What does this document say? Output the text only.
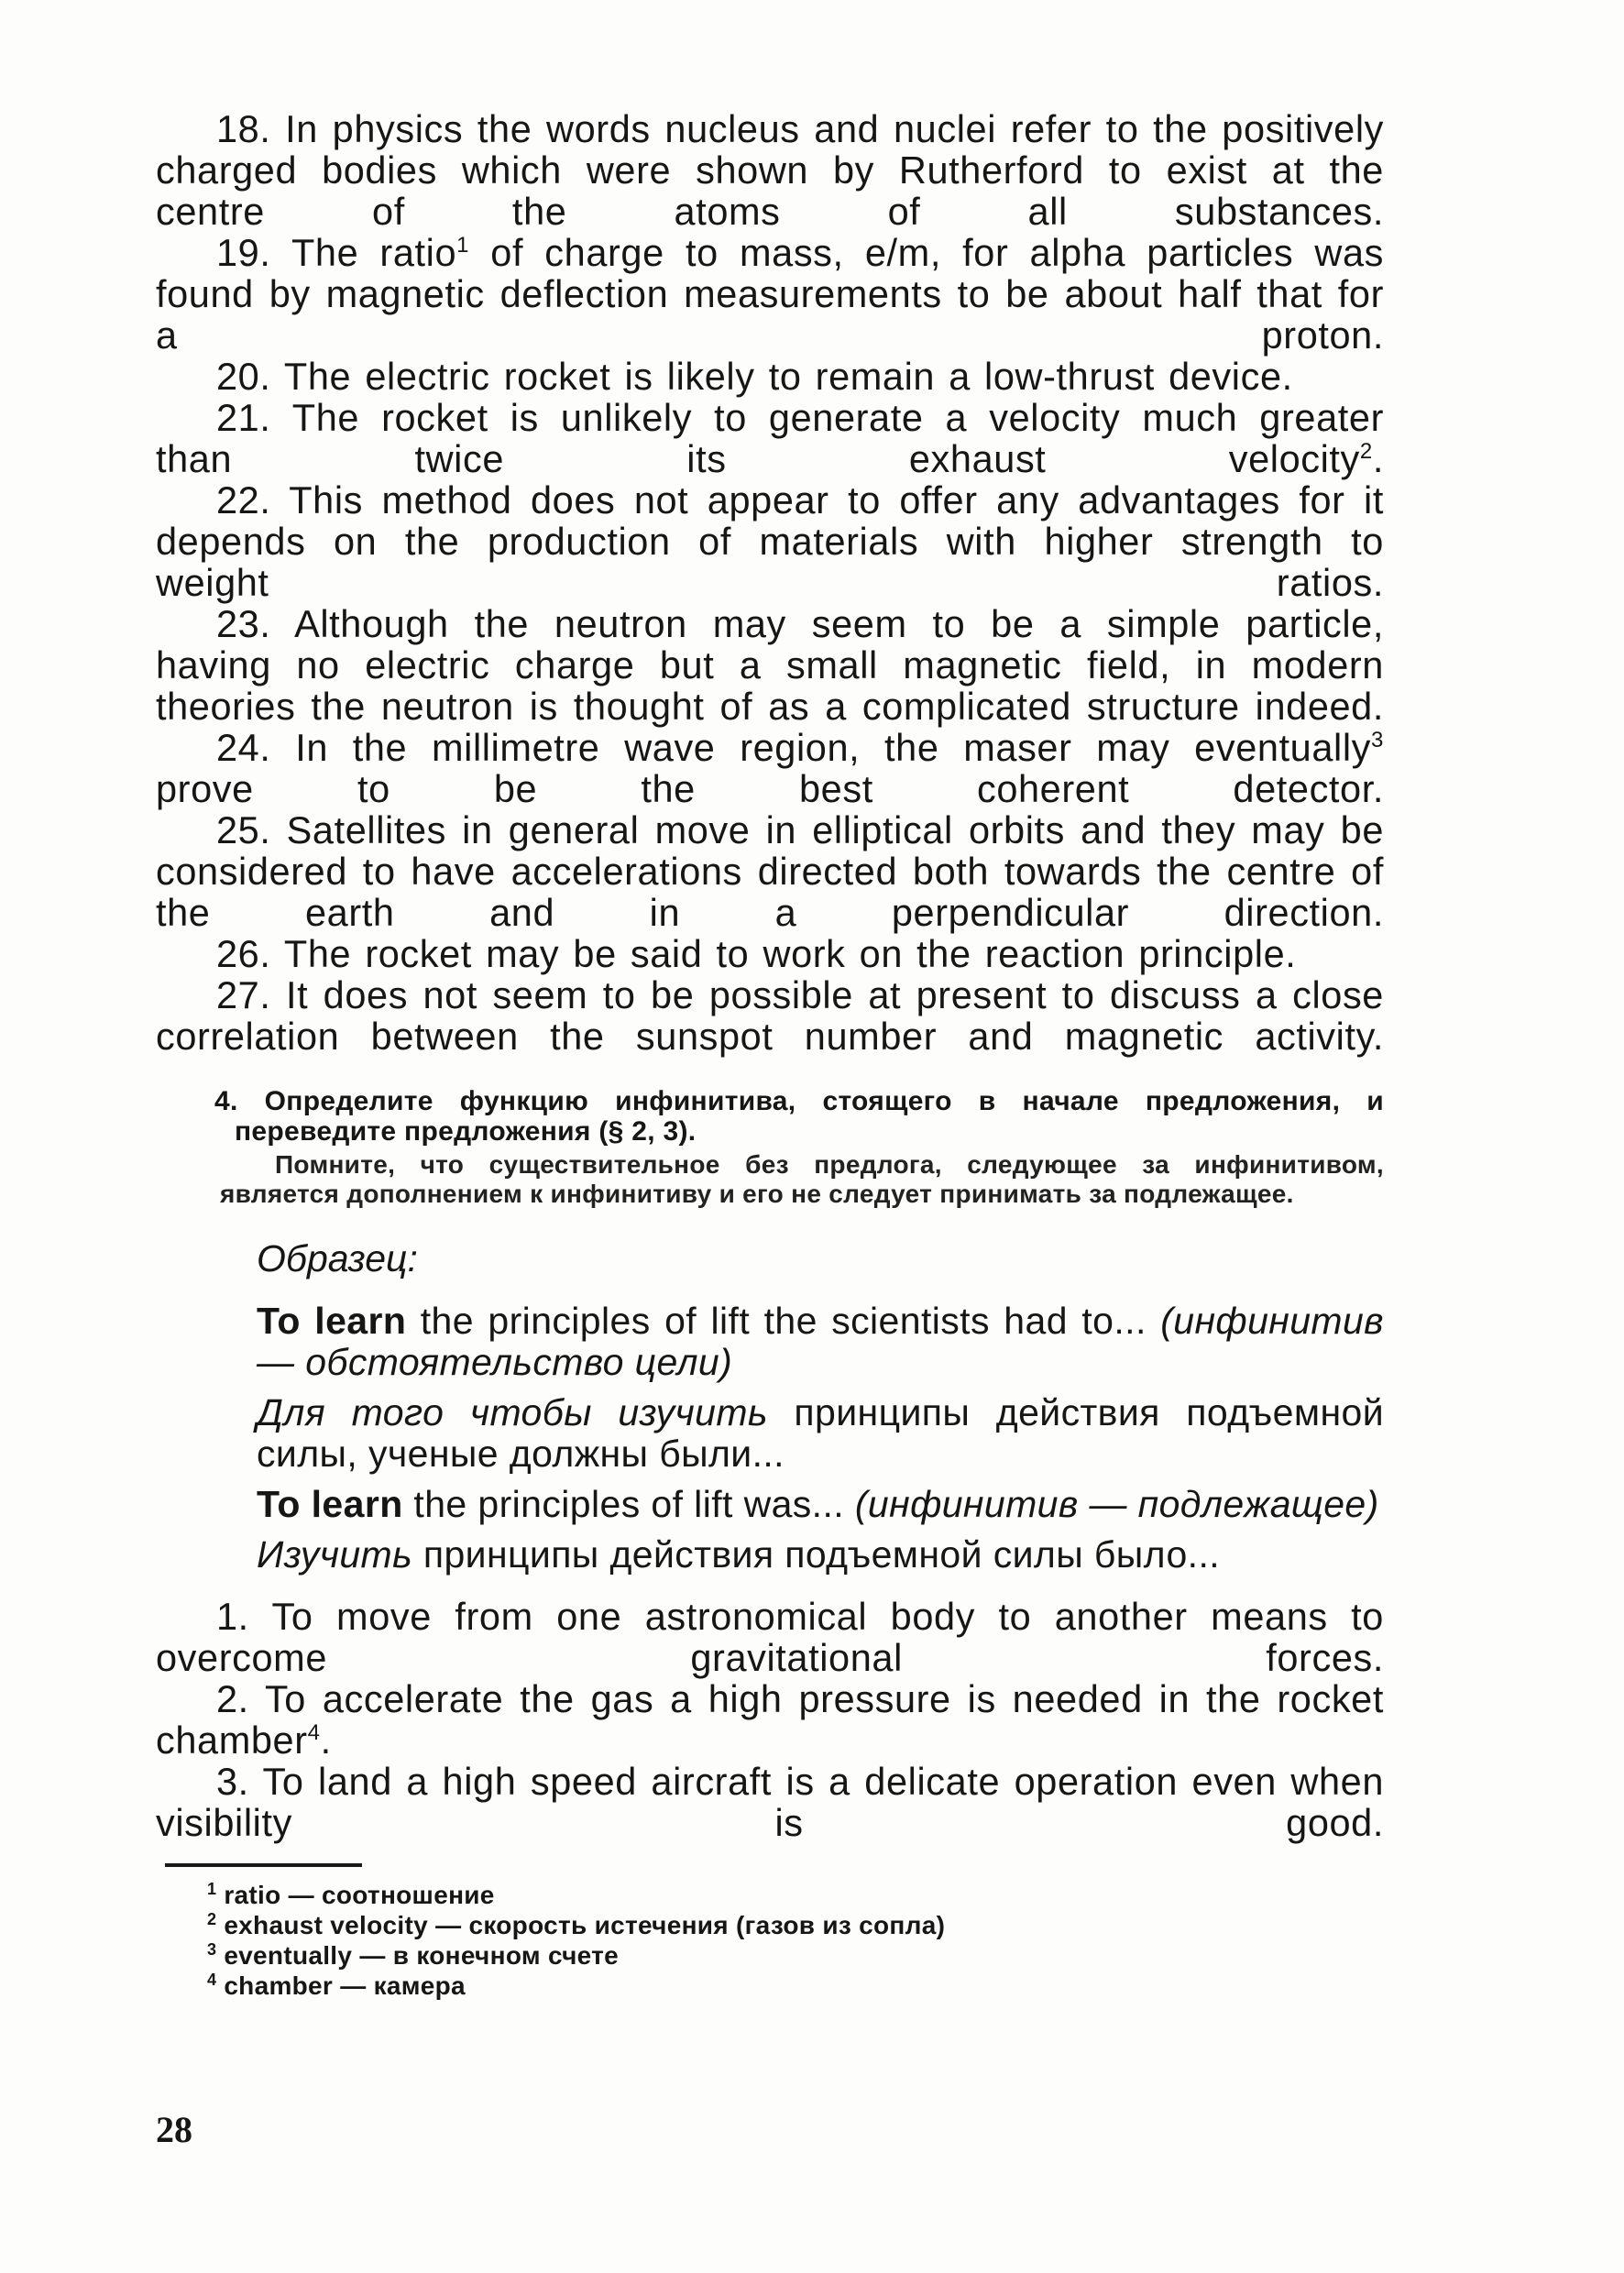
18. In physics the words nucleus and nuclei refer to the positively charged bodies which were shown by Rutherford to exist at the centre of the atoms of all substances.

19. The ratio$^1$ of charge to mass, e/m, for alpha particles was found by magnetic deflection measurements to be about half that for a proton.

20. The electric rocket is likely to remain a low-thrust device.

21. The rocket is unlikely to generate a velocity much greater than twice its exhaust velocity$^2$.

22. This method does not appear to offer any advantages for it depends on the production of materials with higher strength to weight ratios.

23. Although the neutron may seem to be a simple particle, having no electric charge but a small magnetic field, in modern theories the neutron is thought of as a complicated structure indeed.

24. In the millimetre wave region, the maser may eventually$^3$ prove to be the best coherent detector.

25. Satellites in general move in elliptical orbits and they may be considered to have accelerations directed both towards the centre of the earth and in a perpendicular direction.

26. The rocket may be said to work on the reaction principle.

27. It does not seem to be possible at present to discuss a close correlation between the sunspot number and magnetic activity.

4. Определите функцию инфинитива, стоящего в начале предложения, и переведите предложения (§ 2, 3).

Помните, что существительное без предлога, следующее за инфинитивом, является дополнением к инфинитиву и его не следует принимать за подлежащее.

Образец:

To learn the principles of lift the scientists had to... (инфинитив — обстоятельство цели)

Для того чтобы изучить принципы действия подъемной силы, ученые должны были...

To learn the principles of lift was... (инфинитив — подлежащее)

Изучить принципы действия подъемной силы было...

1. To move from one astronomical body to another means to overcome gravitational forces.

2. To accelerate the gas a high pressure is needed in the rocket chamber$^4$.

3. To land a high speed aircraft is a delicate operation even when visibility is good.

$^1$ ratio — соотношение

$^2$ exhaust velocity — скорость истечения (газов из сопла)

$^3$ eventually — в конечном счете

$^4$ chamber — камера

28
